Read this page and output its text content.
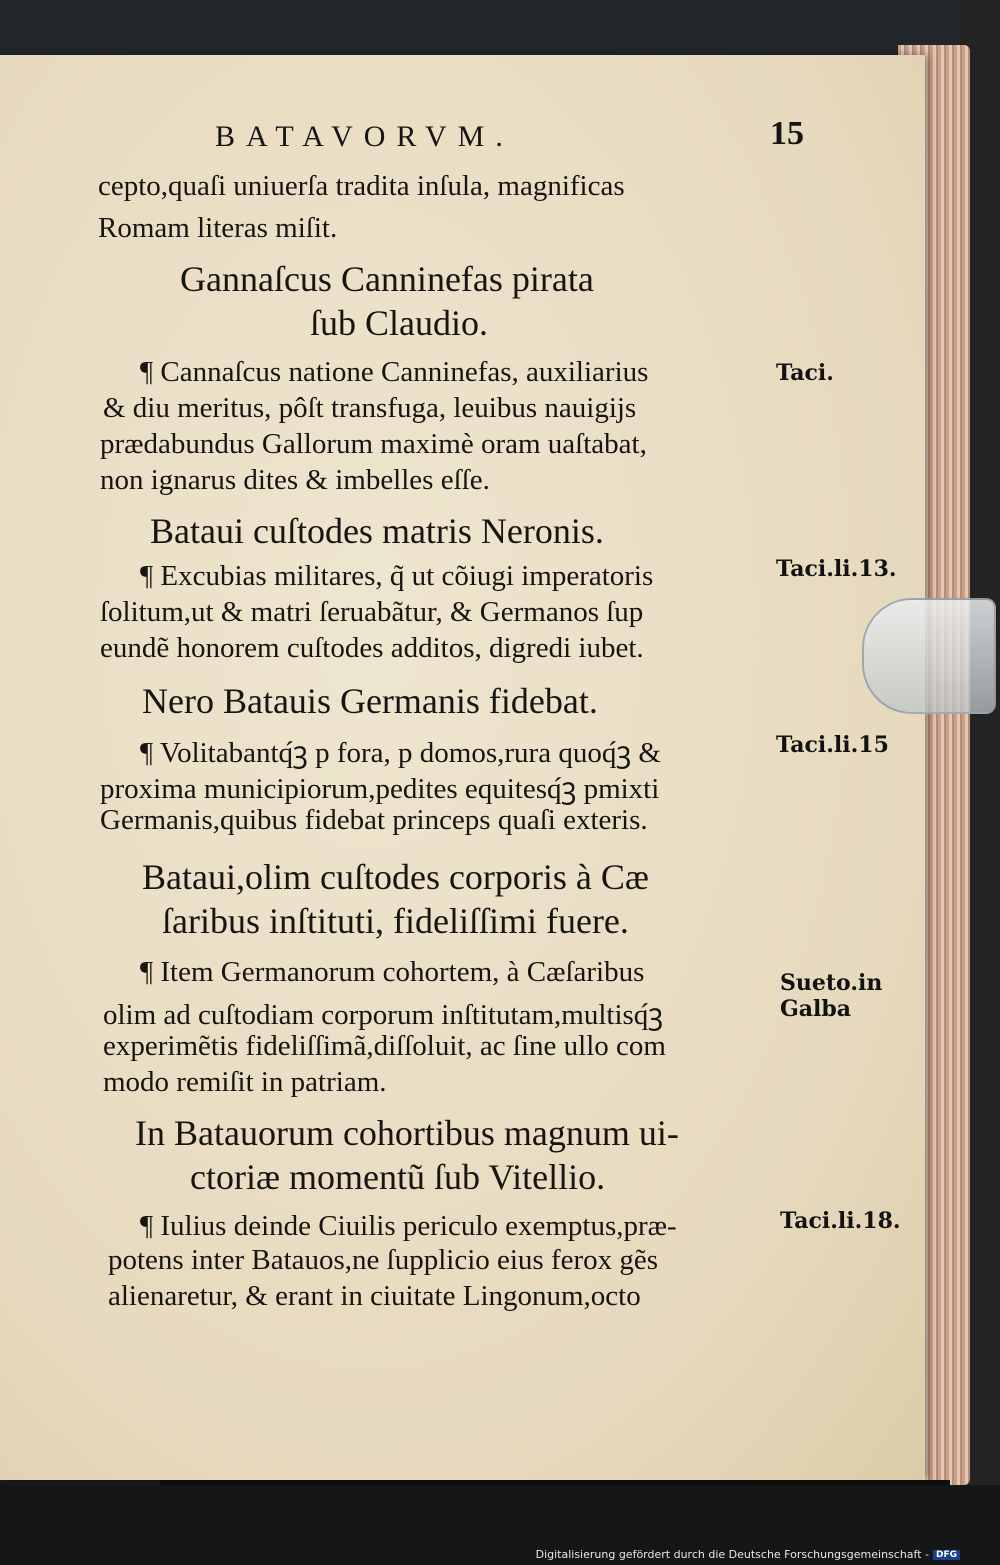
BATAVORVM.	15
cepto,quaſi uniuerſa tradita inſula, magnificas
Romam literas miſit.
Gannaſcus Canninefas pirata
ſub Claudio.
¶ Cannaſcus natione Canninefas, auxiliarius
& diu meritus, pôſt transfuga, leuibus nauigijs
prædabundus Gallorum maximè oram uaſtabat,
non ignarus dites & imbelles eſſe.
Bataui cuſtodes matris Neronis.
¶ Excubias militares, q̃ ut cõiugi imperatoris
ſolitum,ut & matri ſeruabãtur, & Germanos ſup
eundẽ honorem cuſtodes additos, digredi iubet.
Nero Batauis Germanis fidebat.
¶ Volitabantq́ꝫ p fora, p domos,rura quoq́ꝫ &
proxima municipiorum,pedites equitesq́ꝫ pmixti
Germanis,quibus fidebat princeps quaſi exteris.
Bataui,olim cuſtodes corporis à Cæ
ſaribus inſtituti, fideliſſimi fuere.
¶ Item Germanorum cohortem, à Cæſaribus
olim ad cuſtodiam corporum inſtitutam,multisq́ꝫ
experimẽtis fideliſſimã,diſſoluit, ac ſine ullo com
modo remiſit in patriam.
In Batauorum cohortibus magnum ui-
ctoriæ momentũ ſub Vitellio.
¶ Iulius deinde Ciuilis periculo exemptus,præ-
potens inter Batauos,ne ſupplicio eius ferox gẽs
alienaretur, & erant in ciuitate Lingonum,octo
Taci.
Taci.li.13.
Taci.li.15
Sueto.in
Galba
Taci.li.18.
Digitalisierung gefördert durch die Deutsche Forschungsgemeinschaft - DFG
